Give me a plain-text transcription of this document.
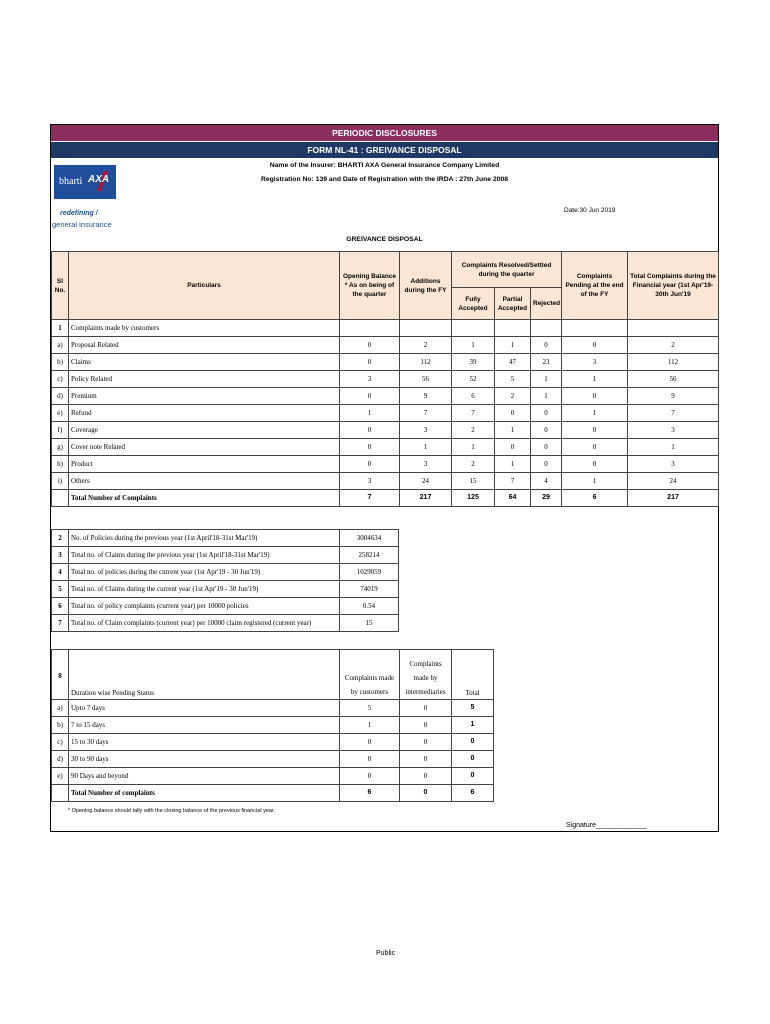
PERIODIC DISCLOSURES
FORM NL-41 : GREIVANCE DISPOSAL
Name of the Insurer: BHARTI AXA General Insurance Company Limited
Registration No: 139 and Date of Registration with the IRDA : 27th June 2008
bharti AXA
redefining /
general insurance
Date:30 Jun 2019
GREIVANCE DISPOSAL
Sl No.	Particulars	Opening Balance * As on being of the quarter	Additions during the FY	Complaints Resolved/Settled during the quarter			Complaints Pending at the end of the FY	Total Complaints during the Financial year (1st Apr'19- 30th Jun'19
				Fully Accepted	Partial Accepted	Rejected		
1	Complaints made by customers							
a)	Proposal Related	0	2	1	1	0	0	2
b)	Claims	0	112	39	47	23	3	112
c)	Policy Related	3	56	52	5	1	1	56
d)	Premium	0	9	6	2	1	0	9
e)	Refund	1	7	7	0	0	1	7
f)	Coverage	0	3	2	1	0	0	3
g)	Cover note Related	0	1	1	0	0	0	1
h)	Product	0	3	2	1	0	0	3
i)	Others	3	24	15	7	4	1	24
	Total Number of Complaints	7	217	125	64	29	6	217
2	No. of Policies during the previous year (1st April'18-31st Mar'19)	3004634
3	Total no. of Claims during the previous year (1st April'18-31st Mar'19)	258214
4	Total no. of policies during the current year (1st Apr'19 - 30 Jun'19)	1029059
5	Total no. of Claims during the current year (1st Apr'19 - 30 Jun'19)	74019
6	Total no. of policy complaints (current year) per 10000 policies	0.54
7	Total no. of Claim complaints (current year) per 10000 claim registered (current year)	15
8	Duration wise Pending Status	Complaints made by customers	Complaints made by intermediaries	Total
a)	Upto 7 days	5	0	5
b)	7 to 15 days	1	0	1
c)	15 to 30 days	0	0	0
d)	30 to 90 days	0	0	0
e)	90 Days and beyond	0	0	0
	Total Number of complaints	6	0	6
* Opening balance should tally with the closing balance of the previous financial year.
Signature_____________
Public
